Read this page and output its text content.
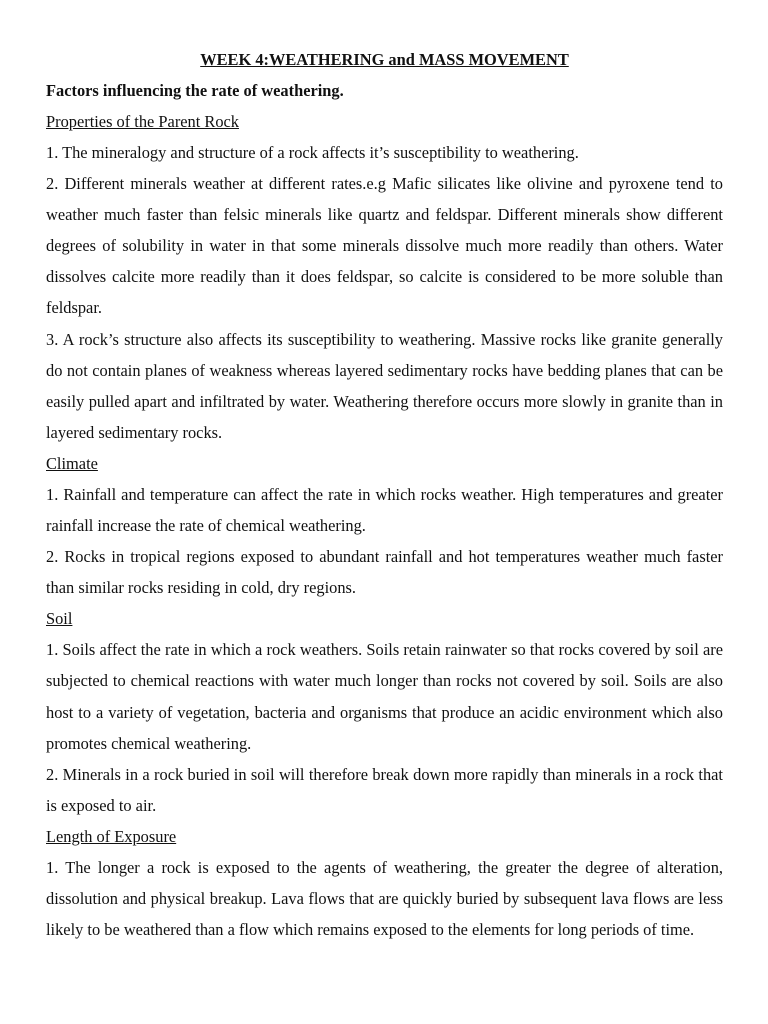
WEEK 4:WEATHERING and MASS MOVEMENT

Factors influencing the rate of weathering.

Properties of the Parent Rock

1. The mineralogy and structure of a rock affects it’s susceptibility to weathering.

2. Different minerals weather at different rates.e.g Mafic silicates like olivine and pyroxene tend to weather much faster than felsic minerals like quartz and feldspar. Different minerals show different degrees of solubility in water in that some minerals dissolve much more readily than others. Water dissolves calcite more readily than it does feldspar, so calcite is considered to be more soluble than feldspar.

3. A rock’s structure also affects its susceptibility to weathering. Massive rocks like granite generally do not contain planes of weakness whereas layered sedimentary rocks have bedding planes that can be easily pulled apart and infiltrated by water. Weathering therefore occurs more slowly in granite than in layered sedimentary rocks.

Climate

1. Rainfall and temperature can affect the rate in which rocks weather. High temperatures and greater rainfall increase the rate of chemical weathering.

2. Rocks in tropical regions exposed to abundant rainfall and hot temperatures weather much faster than similar rocks residing in cold, dry regions.

Soil

1. Soils affect the rate in which a rock weathers. Soils retain rainwater so that rocks covered by soil are subjected to chemical reactions with water much longer than rocks not covered by soil. Soils are also host to a variety of vegetation, bacteria and organisms that produce an acidic environment which also promotes chemical weathering.

2. Minerals in a rock buried in soil will therefore break down more rapidly than minerals in a rock that is exposed to air.

Length of Exposure

1. The longer a rock is exposed to the agents of weathering, the greater the degree of alteration, dissolution and physical breakup. Lava flows that are quickly buried by subsequent lava flows are less likely to be weathered than a flow which remains exposed to the elements for long periods of time.
